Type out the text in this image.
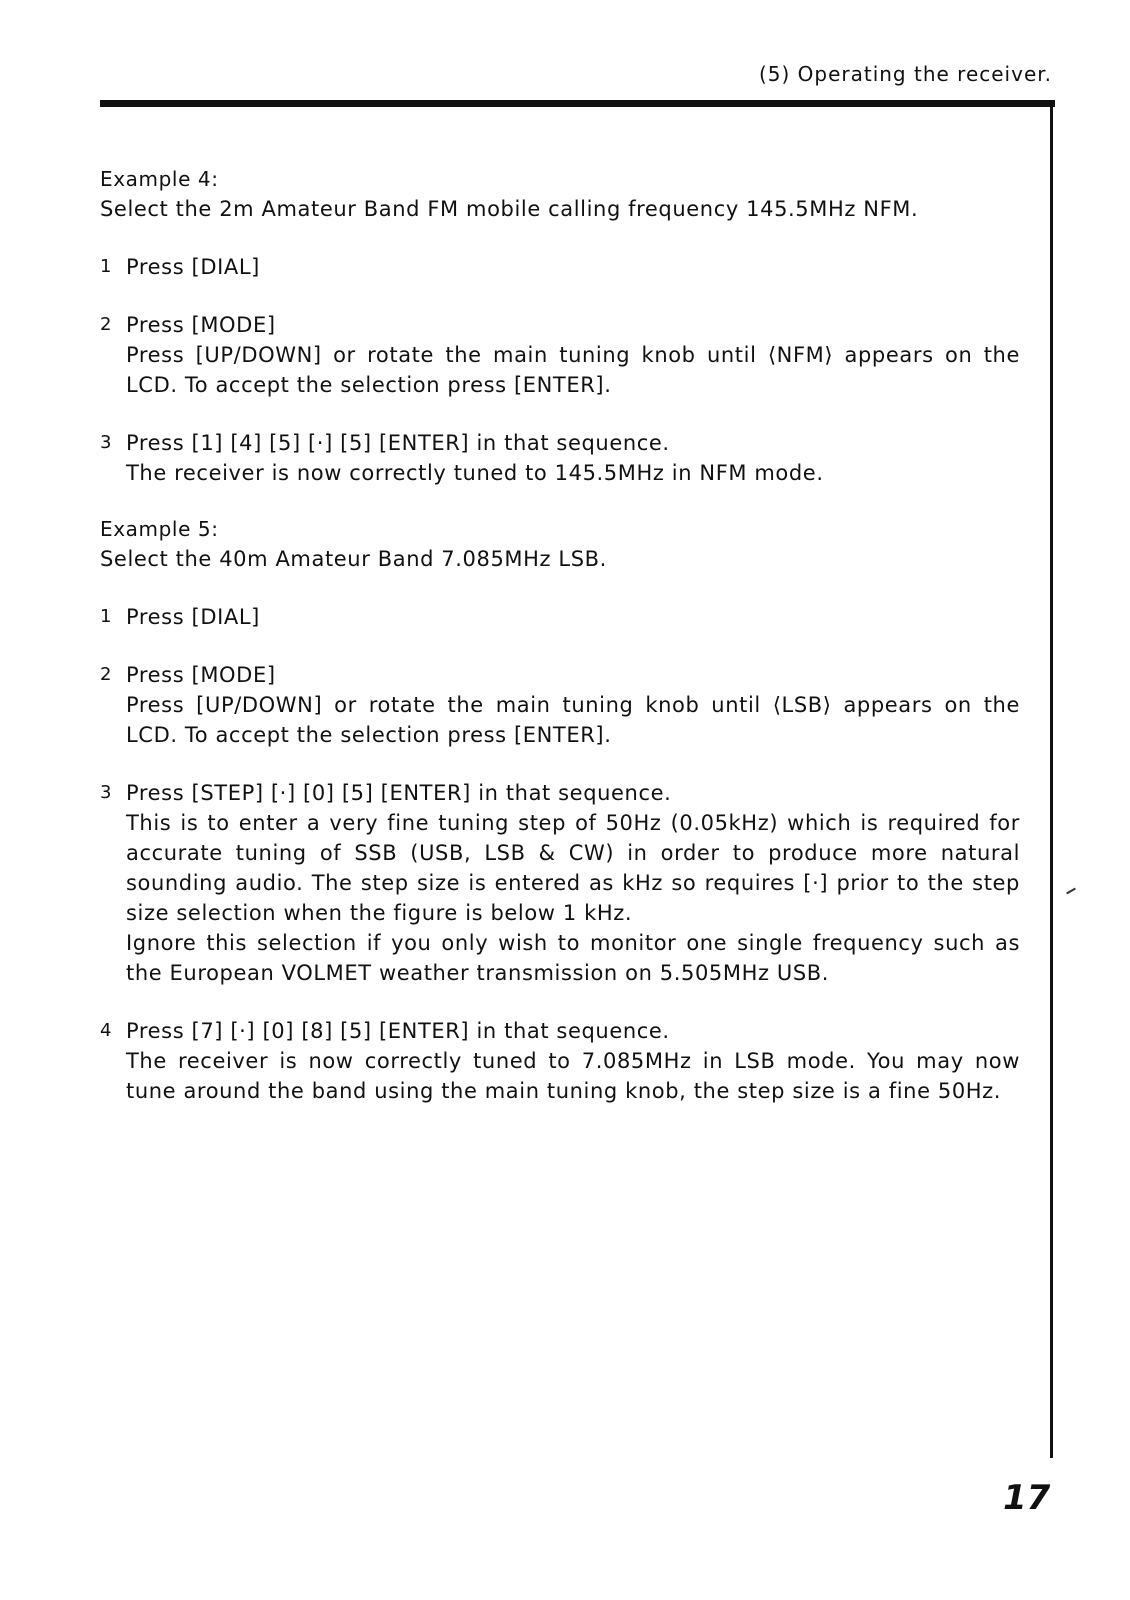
(5) Operating the receiver.

Example 4:

Select the 2m Amateur Band FM mobile calling frequency 145.5MHz NFM.

1 Press [DIAL]

2 Press [MODE]

Press [UP/DOWN] or rotate the main tuning knob until ⟨NFM⟩ appears on the LCD. To accept the selection press [ENTER].

3 Press [1] [4] [5] [·] [5] [ENTER] in that sequence.

The receiver is now correctly tuned to 145.5MHz in NFM mode.

Example 5:

Select the 40m Amateur Band 7.085MHz LSB.

1 Press [DIAL]

2 Press [MODE]

Press [UP/DOWN] or rotate the main tuning knob until ⟨LSB⟩ appears on the LCD. To accept the selection press [ENTER].

3 Press [STEP] [·] [0] [5] [ENTER] in that sequence.

This is to enter a very fine tuning step of 50Hz (0.05kHz) which is required for accurate tuning of SSB (USB, LSB & CW) in order to produce more natural sounding audio. The step size is entered as kHz so requires [·] prior to the step size selection when the figure is below 1 kHz.

Ignore this selection if you only wish to monitor one single frequency such as the European VOLMET weather transmission on 5.505MHz USB.

4 Press [7] [·] [0] [8] [5] [ENTER] in that sequence.

The receiver is now correctly tuned to 7.085MHz in LSB mode. You may now tune around the band using the main tuning knob, the step size is a fine 50Hz.

17
